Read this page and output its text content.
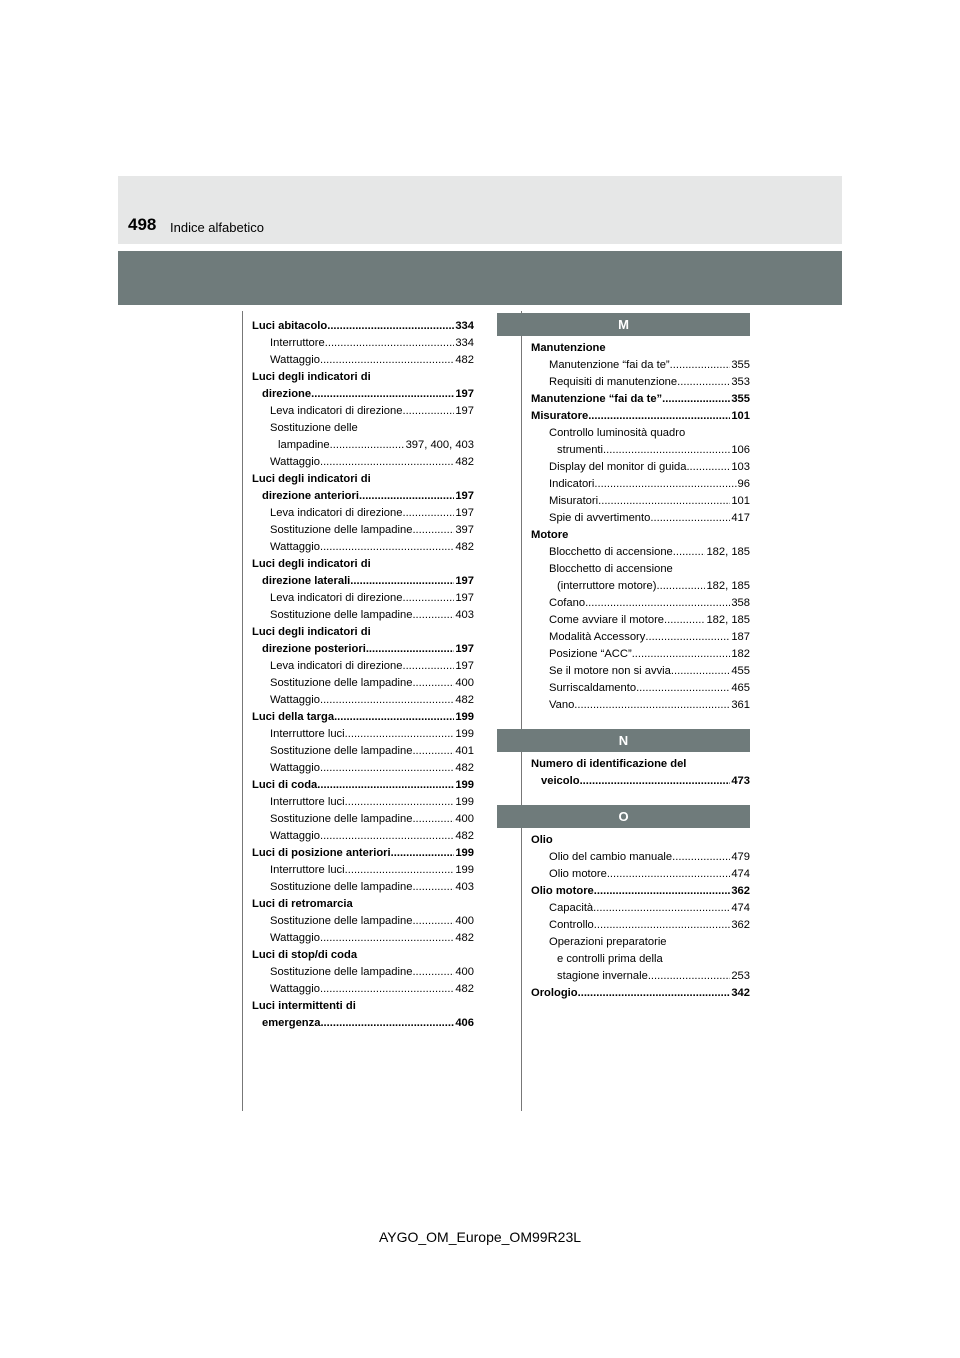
498 Indice alfabetico
Luci abitacolo .....	334
Interruttore .....	334
Wattaggio .....	482
Luci degli indicatori di
direzione .....	197
Leva indicatori di direzione .....	197
Sostituzione delle
lampadine .....	397, 400, 403
Wattaggio .....	482
Luci degli indicatori di
direzione anteriori .....	197
Leva indicatori di direzione .....	197
Sostituzione delle lampadine .....	397
Wattaggio .....	482
Luci degli indicatori di
direzione laterali .....	197
Leva indicatori di direzione .....	197
Sostituzione delle lampadine .....	403
Luci degli indicatori di
direzione posteriori .....	197
Leva indicatori di direzione .....	197
Sostituzione delle lampadine .....	400
Wattaggio .....	482
Luci della targa .....	199
Interruttore luci .....	199
Sostituzione delle lampadine .....	401
Wattaggio .....	482
Luci di coda .....	199
Interruttore luci .....	199
Sostituzione delle lampadine .....	400
Wattaggio .....	482
Luci di posizione anteriori .....	199
Interruttore luci .....	199
Sostituzione delle lampadine .....	403
Luci di retromarcia
Sostituzione delle lampadine .....	400
Wattaggio .....	482
Luci di stop/di coda
Sostituzione delle lampadine .....	400
Wattaggio .....	482
Luci intermittenti di
emergenza .....	406
M
Manutenzione
Manutenzione “fai da te” .....	355
Requisiti di manutenzione .....	353
Manutenzione “fai da te” .....	355
Misuratore .....	101
Controllo luminosità quadro
strumenti .....	106
Display del monitor di guida .....	103
Indicatori .....	96
Misuratori .....	101
Spie di avvertimento .....	417
Motore
Blocchetto di accensione .....	182, 185
Blocchetto di accensione
(interruttore motore) .....	182, 185
Cofano .....	358
Come avviare il motore .....	182, 185
Modalità Accessory .....	187
Posizione “ACC” .....	182
Se il motore non si avvia .....	455
Surriscaldamento .....	465
Vano .....	361
N
Numero di identificazione del
veicolo .....	473
O
Olio
Olio del cambio manuale .....	479
Olio motore .....	474
Olio motore .....	362
Capacità .....	474
Controllo .....	362
Operazioni preparatorie
e controlli prima della
stagione invernale .....	253
Orologio .....	342
AYGO_OM_Europe_OM99R23L
